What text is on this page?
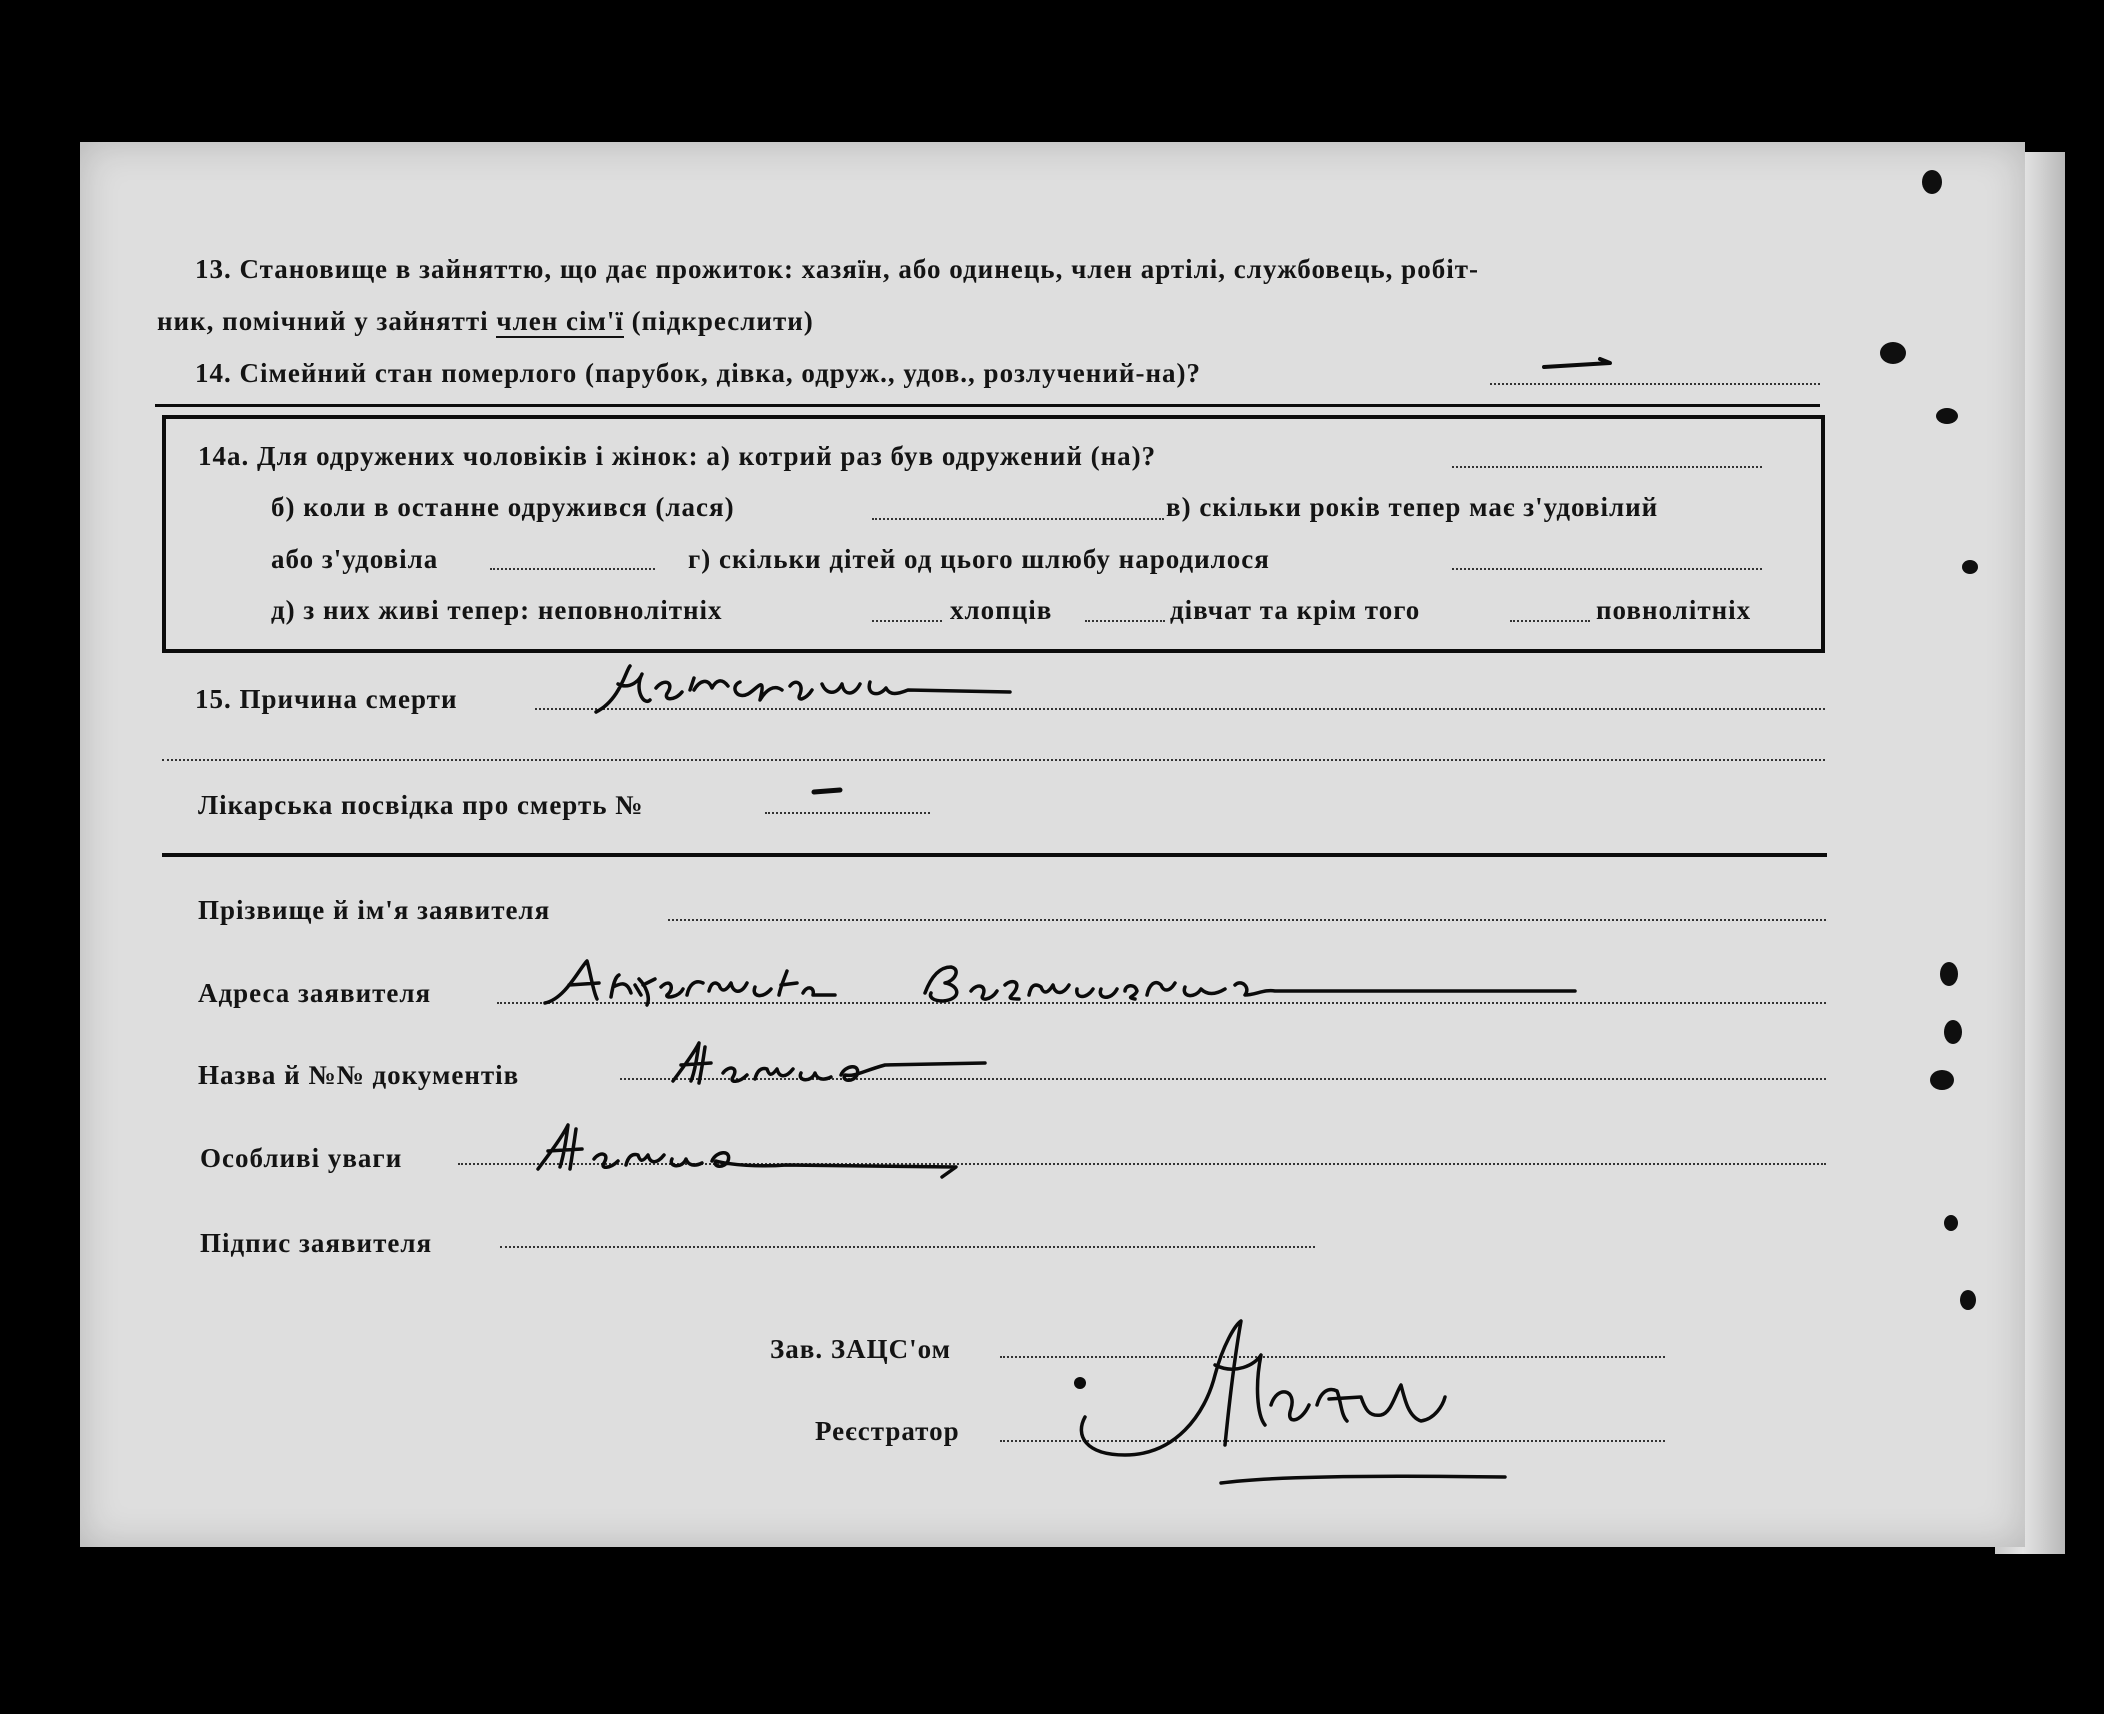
13. Становище в зайняттю, що дає прожиток: хазяїн, або одинець, член артілі, службовець, робіт-
ник, помічний у зайнятті член сім'ї (підкреслити)
14. Сімейний стан померлого (парубок, дівка, одруж., удов., розлучений-на)?
14а. Для одружених чоловіків і жінок: а) котрий раз був одружений (на)?
б) коли в останне одружився (лася)	в) скільки років тепер має з'удовілий
або з'удовіла	г) скільки дітей од цього шлюбу народилося
д) з них живі тепер: неповнолітніх	хлопців	дівчат та крім того	повнолітніх
15. Причина смерти
Лікарська посвідка про смерть №
Прізвище й ім'я заявителя
Адреса заявителя
Назва й №№ документів
Особливі уваги
Підпис заявителя
Зав. ЗАЦС'ом
Реєстратор
